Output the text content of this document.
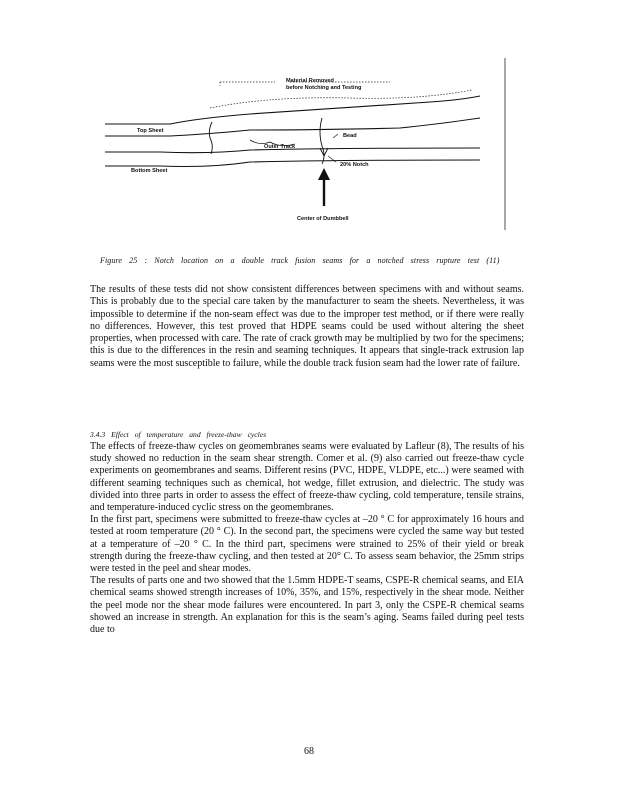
Material Removed
before Notching and Testing
Top Sheet
Bead
Outer Track
20% Notch
Bottom Sheet
Center of Dumbbell
Figure 25 : Notch location on a double track fusion seams for a notched stress rupture test (11)
The results of these tests did not show consistent differences between specimens with and without seams. This is probably due to the special care taken by the manufacturer to seam the sheets. Nevertheless, it was impossible to determine if the non-seam effect was due to the improper test method, or if there were really no differences. However, this test proved that HDPE seams could be used without altering the sheet properties, when processed with care. The rate of crack growth may be multiplied by two for the specimens; this is due to the differences in the resin and seaming techniques. It appears that single-track extrusion lap seams were the most susceptible to failure, while the double track fusion seam had the lower rate of failure.
3.4.3 Effect of temperature and freeze-thaw cycles

The effects of freeze-thaw cycles on geomembranes seams were evaluated by Lafleur (8), The results of his study showed no reduction in the seam shear strength. Comer et al. (9) also carried out freeze-thaw cycle experiments on geomembranes and seams. Different resins (PVC, HDPE, VLDPE, etc...) were seamed with different seaming techniques such as chemical, hot wedge, fillet extrusion, and dielectric. The study was divided into three parts in order to assess the effect of freeze-thaw cycling, cold temperature, tensile strains, and temperature-induced cyclic stress on the geomembranes.

In the first part, specimens were submitted to freeze-thaw cycles at –20 ° C for approximately 16 hours and tested at room temperature (20 ° C). In the second part, the specimens were cycled the same way but tested at a temperature of –20 ° C. In the third part, specimens were strained to 25% of their yield or break strength during the freeze-thaw cycling, and then tested at 20° C. To assess seam behavior, the 25mm strips were tested in the peel and shear modes.

The results of parts one and two showed that the 1.5mm HDPE-T seams, CSPE-R chemical seams, and EIA chemical seams showed strength increases of 10%, 35%, and 15%, respectively in the shear mode. Neither the peel mode nor the shear mode failures were encountered. In part 3, only the CSPE-R chemical seams showed an increase in strength. An explanation for this is the seam’s aging. Seams failed during peel tests due to

68
